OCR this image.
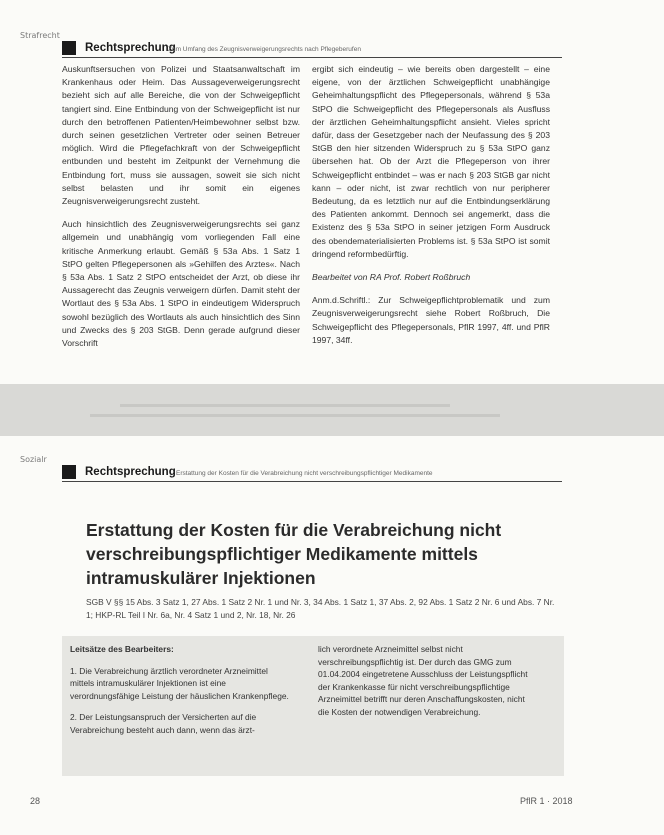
Strafrecht
Rechtsprechung
Zum Umfang des Zeugnisverweigerungsrechts nach Pflegeberufen

Auskunftsersuchen von Polizei und Staatsanwaltschaft im Krankenhaus oder Heim. Das Aussageverweigerungsrecht bezieht sich auf alle Bereiche, die von der Schweigepflicht tangiert sind. Eine Entbindung von der Schweigepflicht ist nur durch den betroffenen Patienten/Heimbewohner selbst bzw. durch seinen gesetzlichen Vertreter oder seinen Betreuer möglich. Wird die Pflegefachkraft von der Schweigepflicht entbunden und besteht im Zeitpunkt der Vernehmung die Entbindung fort, muss sie aussagen, soweit sie sich nicht selbst belasten und ihr somit ein eigenes Zeugnisverweigerungsrecht zusteht.

Auch hinsichtlich des Zeugnisverweigerungsrechts sei ganz allgemein und unabhängig vom vorliegenden Fall eine kritische Anmerkung erlaubt. Gemäß § 53a Abs. 1 Satz 1 StPO gelten Pflegepersonen als »Gehilfen des Arztes«. Nach § 53a Abs. 1 Satz 2 StPO entscheidet der Arzt, ob diese ihr Aussagerecht das Zeugnis verweigern dürfen. Damit steht der Wortlaut des § 53a Abs. 1 StPO in eindeutigem Widerspruch sowohl bezüglich des Wortlauts als auch hinsichtlich des Sinn und Zwecks des § 203 StGB. Denn gerade aufgrund dieser Vorschrift

ergibt sich eindeutig – wie bereits oben dargestellt – eine eigene, von der ärztlichen Schweigepflicht unabhängige Geheimhaltungspflicht des Pflegepersonals, während § 53a StPO die Schweigepflicht des Pflegepersonals als Ausfluss der ärztlichen Geheimhaltungspflicht ansieht. Vieles spricht dafür, dass der Gesetzgeber nach der Neufassung des § 203 StGB den hier sitzenden Widerspruch zu § 53a StPO ganz übersehen hat. Ob der Arzt die Pflegeperson von ihrer Schweigepflicht entbindet – was er nach § 203 StGB gar nicht kann – oder nicht, ist zwar rechtlich von nur peripherer Bedeutung, da es letztlich nur auf die Entbindungserklärung des Patienten ankommt. Dennoch sei angemerkt, dass die Existenz des § 53a StPO in seiner jetzigen Form Ausdruck des obendematerialisierten Problems ist. § 53a StPO ist somit dringend reformbedürftig.

Bearbeitet von RA Prof. Robert Roßbruch

Anm.d.Schriftl.: Zur Schweigepflichtproblematik und zum Zeugnisverweigerungsrecht siehe Robert Roßbruch, Die Schweigepflicht des Pflegepersonals, PflR 1997, 4ff. und PflR 1997, 34ff.

Sozialr
Rechtsprechung Erstattung der Kosten für die Verabreichung nicht verschreibungspflichtiger Medikamente
Erstattung der Kosten für die Verabreichung nicht verschreibungspflichtiger Medikamente mittels intramuskulärer Injektionen
SGB V §§ 15 Abs. 3 Satz 1, 27 Abs. 1 Satz 2 Nr. 1 und Nr. 3, 34 Abs. 1 Satz 1, 37 Abs. 2, 92 Abs. 1 Satz 2 Nr. 6 und Abs. 7 Nr. 1; HKP-RL Teil I Nr. 6a, Nr. 4 Satz 1 und 2, Nr. 18, Nr. 26

Leitsätze des Bearbeiters:

1. Die Verabreichung ärztlich verordneter Arzneimittel mittels intramuskulärer Injektionen ist eine verordnungsfähige Leistung der häuslichen Krankenpflege.

2. Der Leistungsanspruch der Versicherten auf die Verabreichung besteht auch dann, wenn das ärzt-

lich verordnete Arzneimittel selbst nicht verschreibungspflichtig ist. Der durch das GMG zum 01.04.2004 eingetretene Ausschluss der Leistungspflicht der Krankenkasse für nicht verschreibungspflichtige Arzneimittel betrifft nur deren Anschaffungskosten, nicht die Kosten der notwendigen Verabreichung.

28	PflR 1 · 2018
